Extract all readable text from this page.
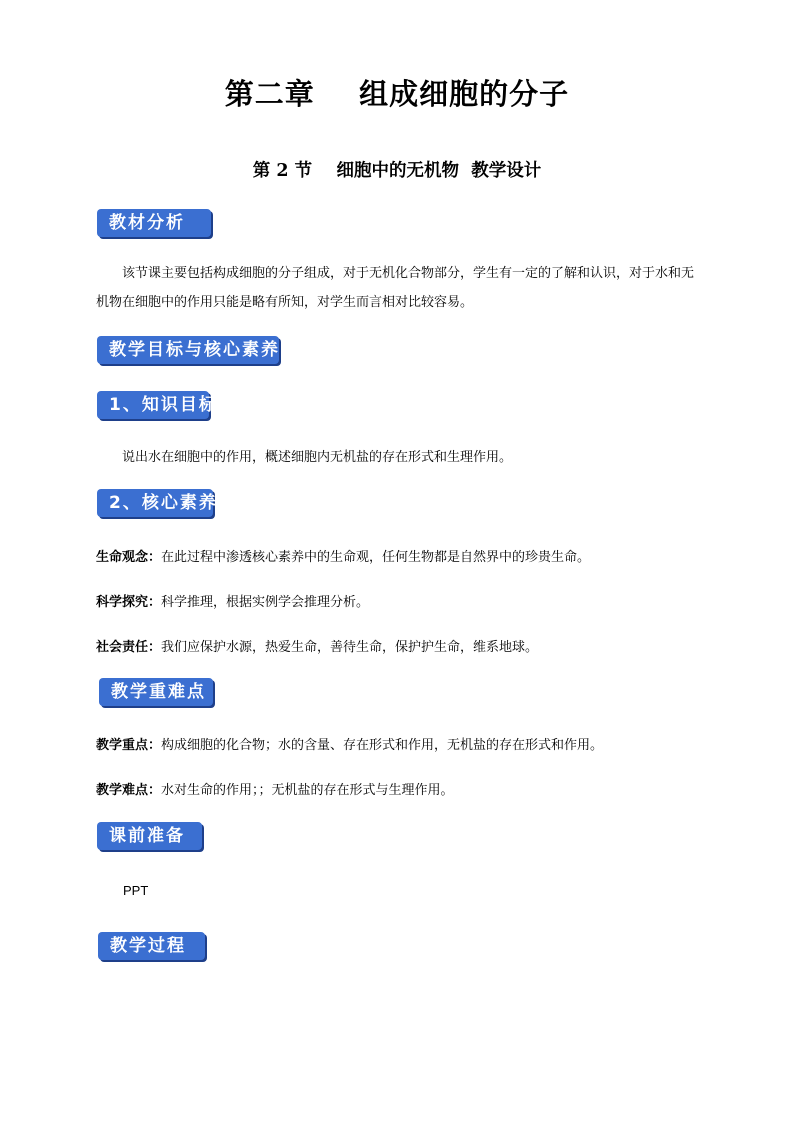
第二章    组成细胞的分子
第 2 节    细胞中的无机物  教学设计
教材分析
该节课主要包括构成细胞的分子组成，对于无机化合物部分，学生有一定的了解和认识，对于水和无机物在细胞中的作用只能是略有所知，对学生而言相对比较容易。
教学目标与核心素养
1、知识目标
说出水在细胞中的作用，概述细胞内无机盐的存在形式和生理作用。
2、核心素养
生命观念：在此过程中渗透核心素养中的生命观，任何生物都是自然界中的珍贵生命。
科学探究：科学推理，根据实例学会推理分析。
社会责任：我们应保护水源，热爱生命，善待生命，保护护生命，维系地球。
教学重难点
教学重点：构成细胞的化合物；水的含量、存在形式和作用，无机盐的存在形式和作用。
教学难点：水对生命的作用；；无机盐的存在形式与生理作用。
课前准备
PPT
教学过程
